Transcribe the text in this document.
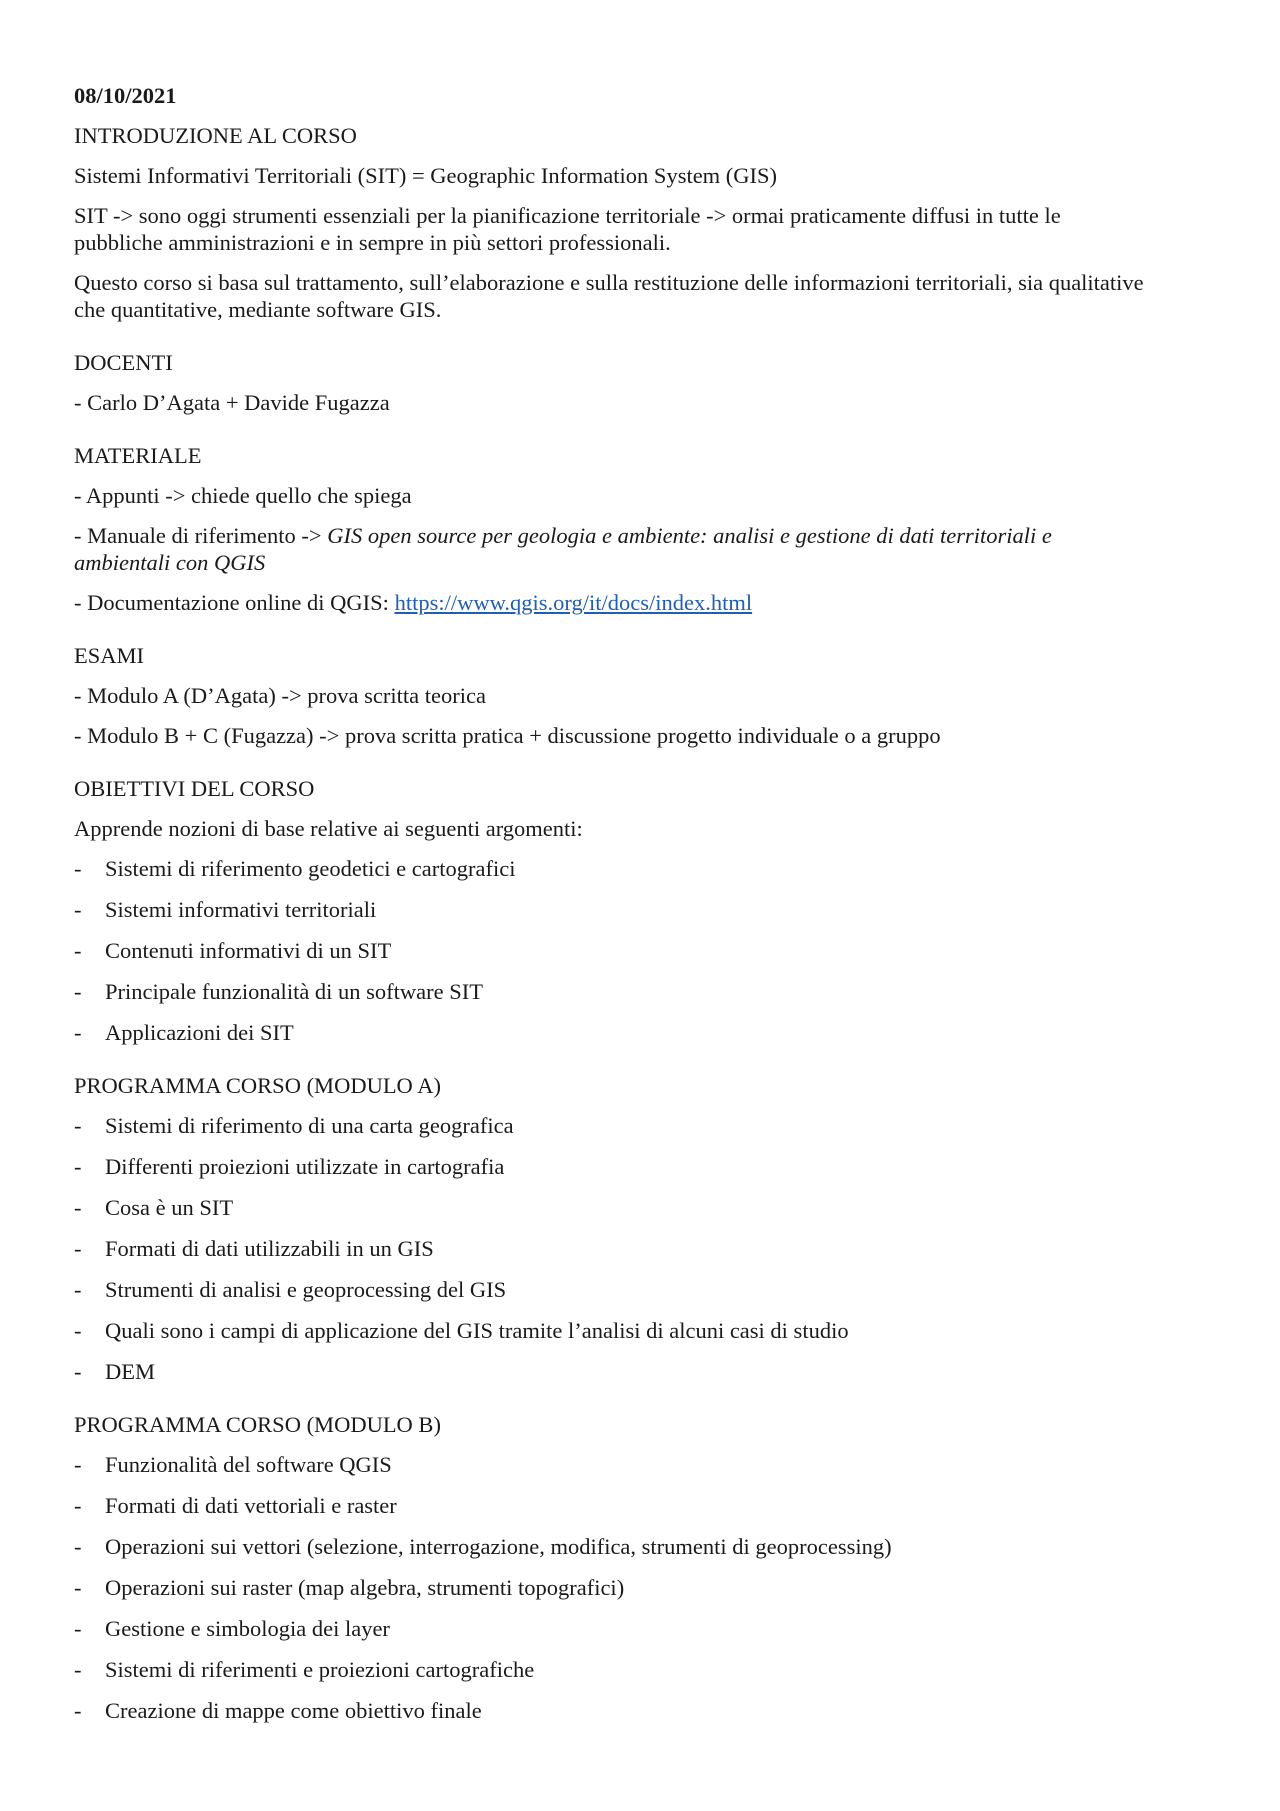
08/10/2021
INTRODUZIONE AL CORSO
Sistemi Informativi Territoriali (SIT) = Geographic Information System (GIS)
SIT -> sono oggi strumenti essenziali per la pianificazione territoriale -> ormai praticamente diffusi in tutte le
pubbliche amministrazioni e in sempre in più settori professionali.
Questo corso si basa sul trattamento, sull’elaborazione e sulla restituzione delle informazioni territoriali, sia qualitative
che quantitative, mediante software GIS.
DOCENTI
- Carlo D’Agata + Davide Fugazza
MATERIALE
- Appunti -> chiede quello che spiega
- Manuale di riferimento -> GIS open source per geologia e ambiente: analisi e gestione di dati territoriali e
ambientali con QGIS
- Documentazione online di QGIS: https://www.qgis.org/it/docs/index.html
ESAMI
- Modulo A (D’Agata) -> prova scritta teorica
- Modulo B + C (Fugazza) -> prova scritta pratica + discussione progetto individuale o a gruppo
OBIETTIVI DEL CORSO
Apprende nozioni di base relative ai seguenti argomenti:
- Sistemi di riferimento geodetici e cartografici
- Sistemi informativi territoriali
- Contenuti informativi di un SIT
- Principale funzionalità di un software SIT
- Applicazioni dei SIT
PROGRAMMA CORSO (MODULO A)
- Sistemi di riferimento di una carta geografica
- Differenti proiezioni utilizzate in cartografia
- Cosa è un SIT
- Formati di dati utilizzabili in un GIS
- Strumenti di analisi e geoprocessing del GIS
- Quali sono i campi di applicazione del GIS tramite l’analisi di alcuni casi di studio
- DEM
PROGRAMMA CORSO (MODULO B)
- Funzionalità del software QGIS
- Formati di dati vettoriali e raster
- Operazioni sui vettori (selezione, interrogazione, modifica, strumenti di geoprocessing)
- Operazioni sui raster (map algebra, strumenti topografici)
- Gestione e simbologia dei layer
- Sistemi di riferimenti e proiezioni cartografiche
- Creazione di mappe come obiettivo finale
